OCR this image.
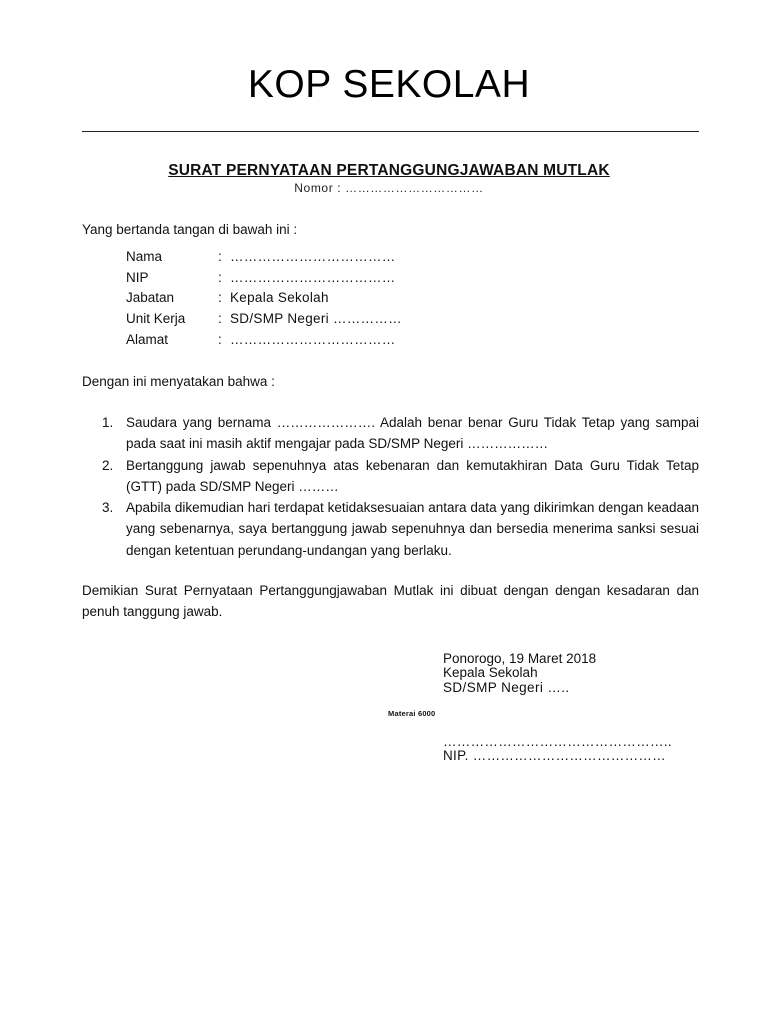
KOP SEKOLAH
SURAT PERNYATAAN PERTANGGUNGJAWABAN MUTLAK
Nomor : ……………………………
Yang bertanda tangan di bawah ini :
Nama	: ………………………………
NIP	: ………………………………
Jabatan	: Kepala Sekolah
Unit Kerja	: SD/SMP Negeri ……………
Alamat	: ………………………………
Dengan ini menyatakan bahwa :
1. Saudara yang bernama …………………. Adalah benar benar Guru Tidak Tetap yang sampai pada saat ini masih aktif mengajar pada SD/SMP Negeri ………………
2. Bertanggung jawab sepenuhnya atas kebenaran dan kemutakhiran Data Guru Tidak Tetap (GTT) pada SD/SMP Negeri ………
3. Apabila dikemudian hari terdapat ketidaksesuaian antara data yang dikirimkan dengan keadaan yang sebenarnya, saya bertanggung jawab sepenuhnya dan bersedia menerima sanksi sesuai dengan ketentuan perundang-undangan yang berlaku.
Demikian Surat Pernyataan Pertanggungjawaban Mutlak ini dibuat dengan dengan kesadaran dan penuh tanggung jawab.
Ponorogo, 19 Maret 2018
Kepala Sekolah
SD/SMP Negeri …..
Materai 6000
…………………………………………..
NIP. ……………………………………
